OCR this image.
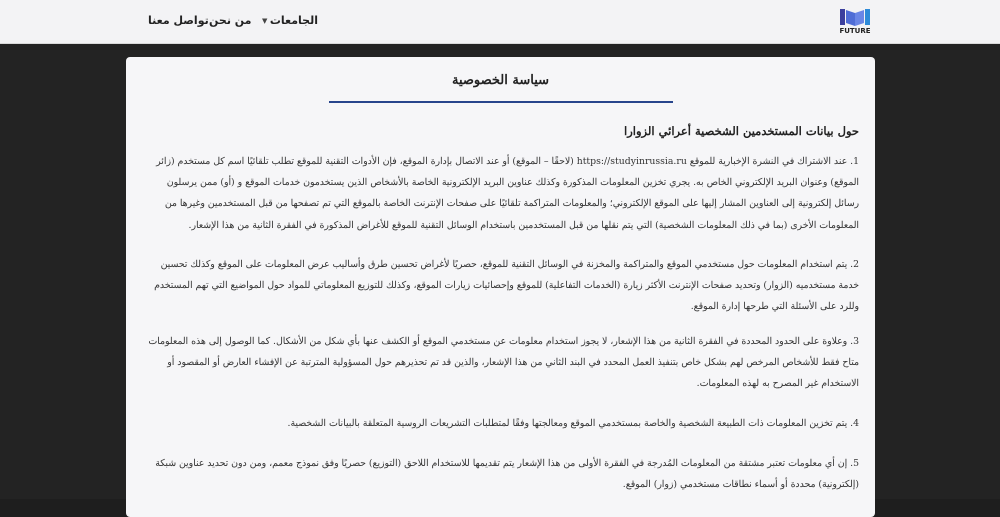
FUTURE
الجامعات
▼
من نحن
تواصل معنا
سياسة الخصوصية
حول بيانات المستخدمين الشخصية أعرائي الزوارا
1. عند الاشتراك في النشرة الإخبارية للموقع https://studyinrussia.ru (لاحقًا – الموقع) أو عند الاتصال بإدارة الموقع، فإن الأدوات التقنية للموقع تطلب تلقائيًا اسم كل مستخدم (زائر الموقع) وعنوان البريد الإلكتروني الخاص به. يجري تخزين المعلومات المذكورة وكذلك عناوين البريد الإلكترونية الخاصة بالأشخاص الذين يستخدمون خدمات الموقع و (أو) ممن يرسلون رسائل إلكترونية إلى العناوين المشار إليها على الموقع الإلكتروني؛ والمعلومات المتراكمة تلقائيًا على صفحات الإنترنت الخاصة بالموقع التي تم تصفحها من قبل المستخدمين وغيرها من المعلومات الأخرى (بما في ذلك المعلومات الشخصية) التي يتم نقلها من قبل المستخدمين باستخدام الوسائل التقنية للموقع للأغراض المذكورة في الفقرة الثانية من هذا الإشعار.
2. يتم استخدام المعلومات حول مستخدمي الموقع والمتراكمة والمخزنة في الوسائل التقنية للموقع، حصريًا لأغراض تحسين طرق وأساليب عرض المعلومات على الموقع وكذلك تحسين خدمة مستخدميه (الزوار) وتحديد صفحات الإنترنت الأكثر زيارة (الخدمات التفاعلية) للموقع وإحصائيات زيارات الموقع، وكذلك للتوزيع المعلوماتي للمواد حول المواضيع التي تهم المستخدم وللرد على الأسئلة التي طرحها إدارة الموقع.
3. وعلاوة على الحدود المحددة في الفقرة الثانية من هذا الإشعار، لا يجوز استخدام معلومات عن مستخدمي الموقع أو الكشف عنها بأي شكل من الأشكال. كما الوصول إلى هذه المعلومات متاح فقط للأشخاص المرخص لهم بشكل خاص بتنفيذ العمل المحدد في البند الثاني من هذا الإشعار، والذين قد تم تحذيرهم حول المسؤولية المترتبة عن الإفشاء العارض أو المقصود أو الاستخدام غير المصرح به لهذه المعلومات.
4. يتم تخزين المعلومات ذات الطبيعة الشخصية والخاصة بمستخدمي الموقع ومعالجتها وفقًا لمتطلبات التشريعات الروسية المتعلقة بالبيانات الشخصية.
5. إن أي معلومات تعتبر مشتقة من المعلومات المُدرجة في الفقرة الأولى من هذا الإشعار يتم تقديمها للاستخدام اللاحق (التوزيع) حصريًا وفق نموذج معمم، ومن دون تحديد عناوين شبكة (إلكترونية) محددة أو أسماء نطاقات مستخدمي (زوار) الموقع.
